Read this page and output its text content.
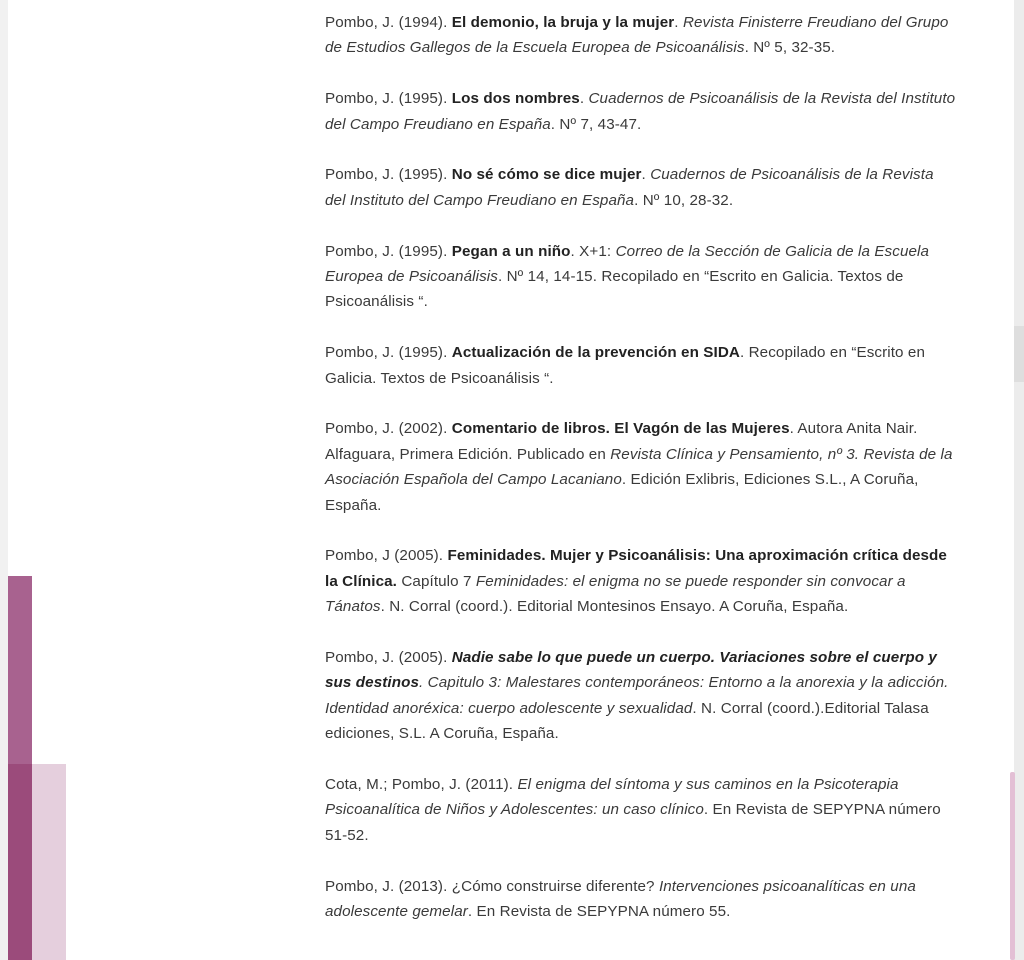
Pombo, J. (1994). El demonio, la bruja y la mujer. Revista Finisterre Freudiano del Grupo de Estudios Gallegos de la Escuela Europea de Psicoanálisis. Nº 5, 32-35.

Pombo, J. (1995). Los dos nombres. Cuadernos de Psicoanálisis de la Revista del Instituto del Campo Freudiano en España. Nº 7, 43-47.

Pombo, J. (1995). No sé cómo se dice mujer. Cuadernos de Psicoanálisis de la Revista del Instituto del Campo Freudiano en España. Nº 10, 28-32.

Pombo, J. (1995). Pegan a un niño. X+1: Correo de la Sección de Galicia de la Escuela Europea de Psicoanálisis. Nº 14, 14-15. Recopilado en “Escrito en Galicia. Textos de Psicoanálisis “.

Pombo, J. (1995). Actualización de la prevención en SIDA. Recopilado en “Escrito en Galicia. Textos de Psicoanálisis “.

Pombo, J. (2002). Comentario de libros. El Vagón de las Mujeres. Autora Anita Nair. Alfaguara, Primera Edición. Publicado en Revista Clínica y Pensamiento, nº 3. Revista de la Asociación Española del Campo Lacaniano. Edición Exlibris, Ediciones S.L., A Coruña, España.

Pombo, J (2005). Feminidades. Mujer y Psicoanálisis: Una aproximación crítica desde la Clínica. Capítulo 7 Feminidades: el enigma no se puede responder sin convocar a Tánatos. N. Corral (coord.). Editorial Montesinos Ensayo. A Coruña, España.

Pombo, J. (2005). Nadie sabe lo que puede un cuerpo. Variaciones sobre el cuerpo y sus destinos. Capitulo 3: Malestares contemporáneos: Entorno a la anorexia y la adicción. Identidad anoréxica: cuerpo adolescente y sexualidad. N. Corral (coord.).Editorial Talasa ediciones, S.L. A Coruña, España.

Cota, M.; Pombo, J. (2011). El enigma del síntoma y sus caminos en la Psicoterapia Psicoanalítica de Niños y Adolescentes: un caso clínico. En Revista de SEPYPNA número 51-52.

Pombo, J. (2013). ¿Cómo construirse diferente? Intervenciones psicoanalíticas en una adolescente gemelar. En Revista de SEPYPNA número 55.
